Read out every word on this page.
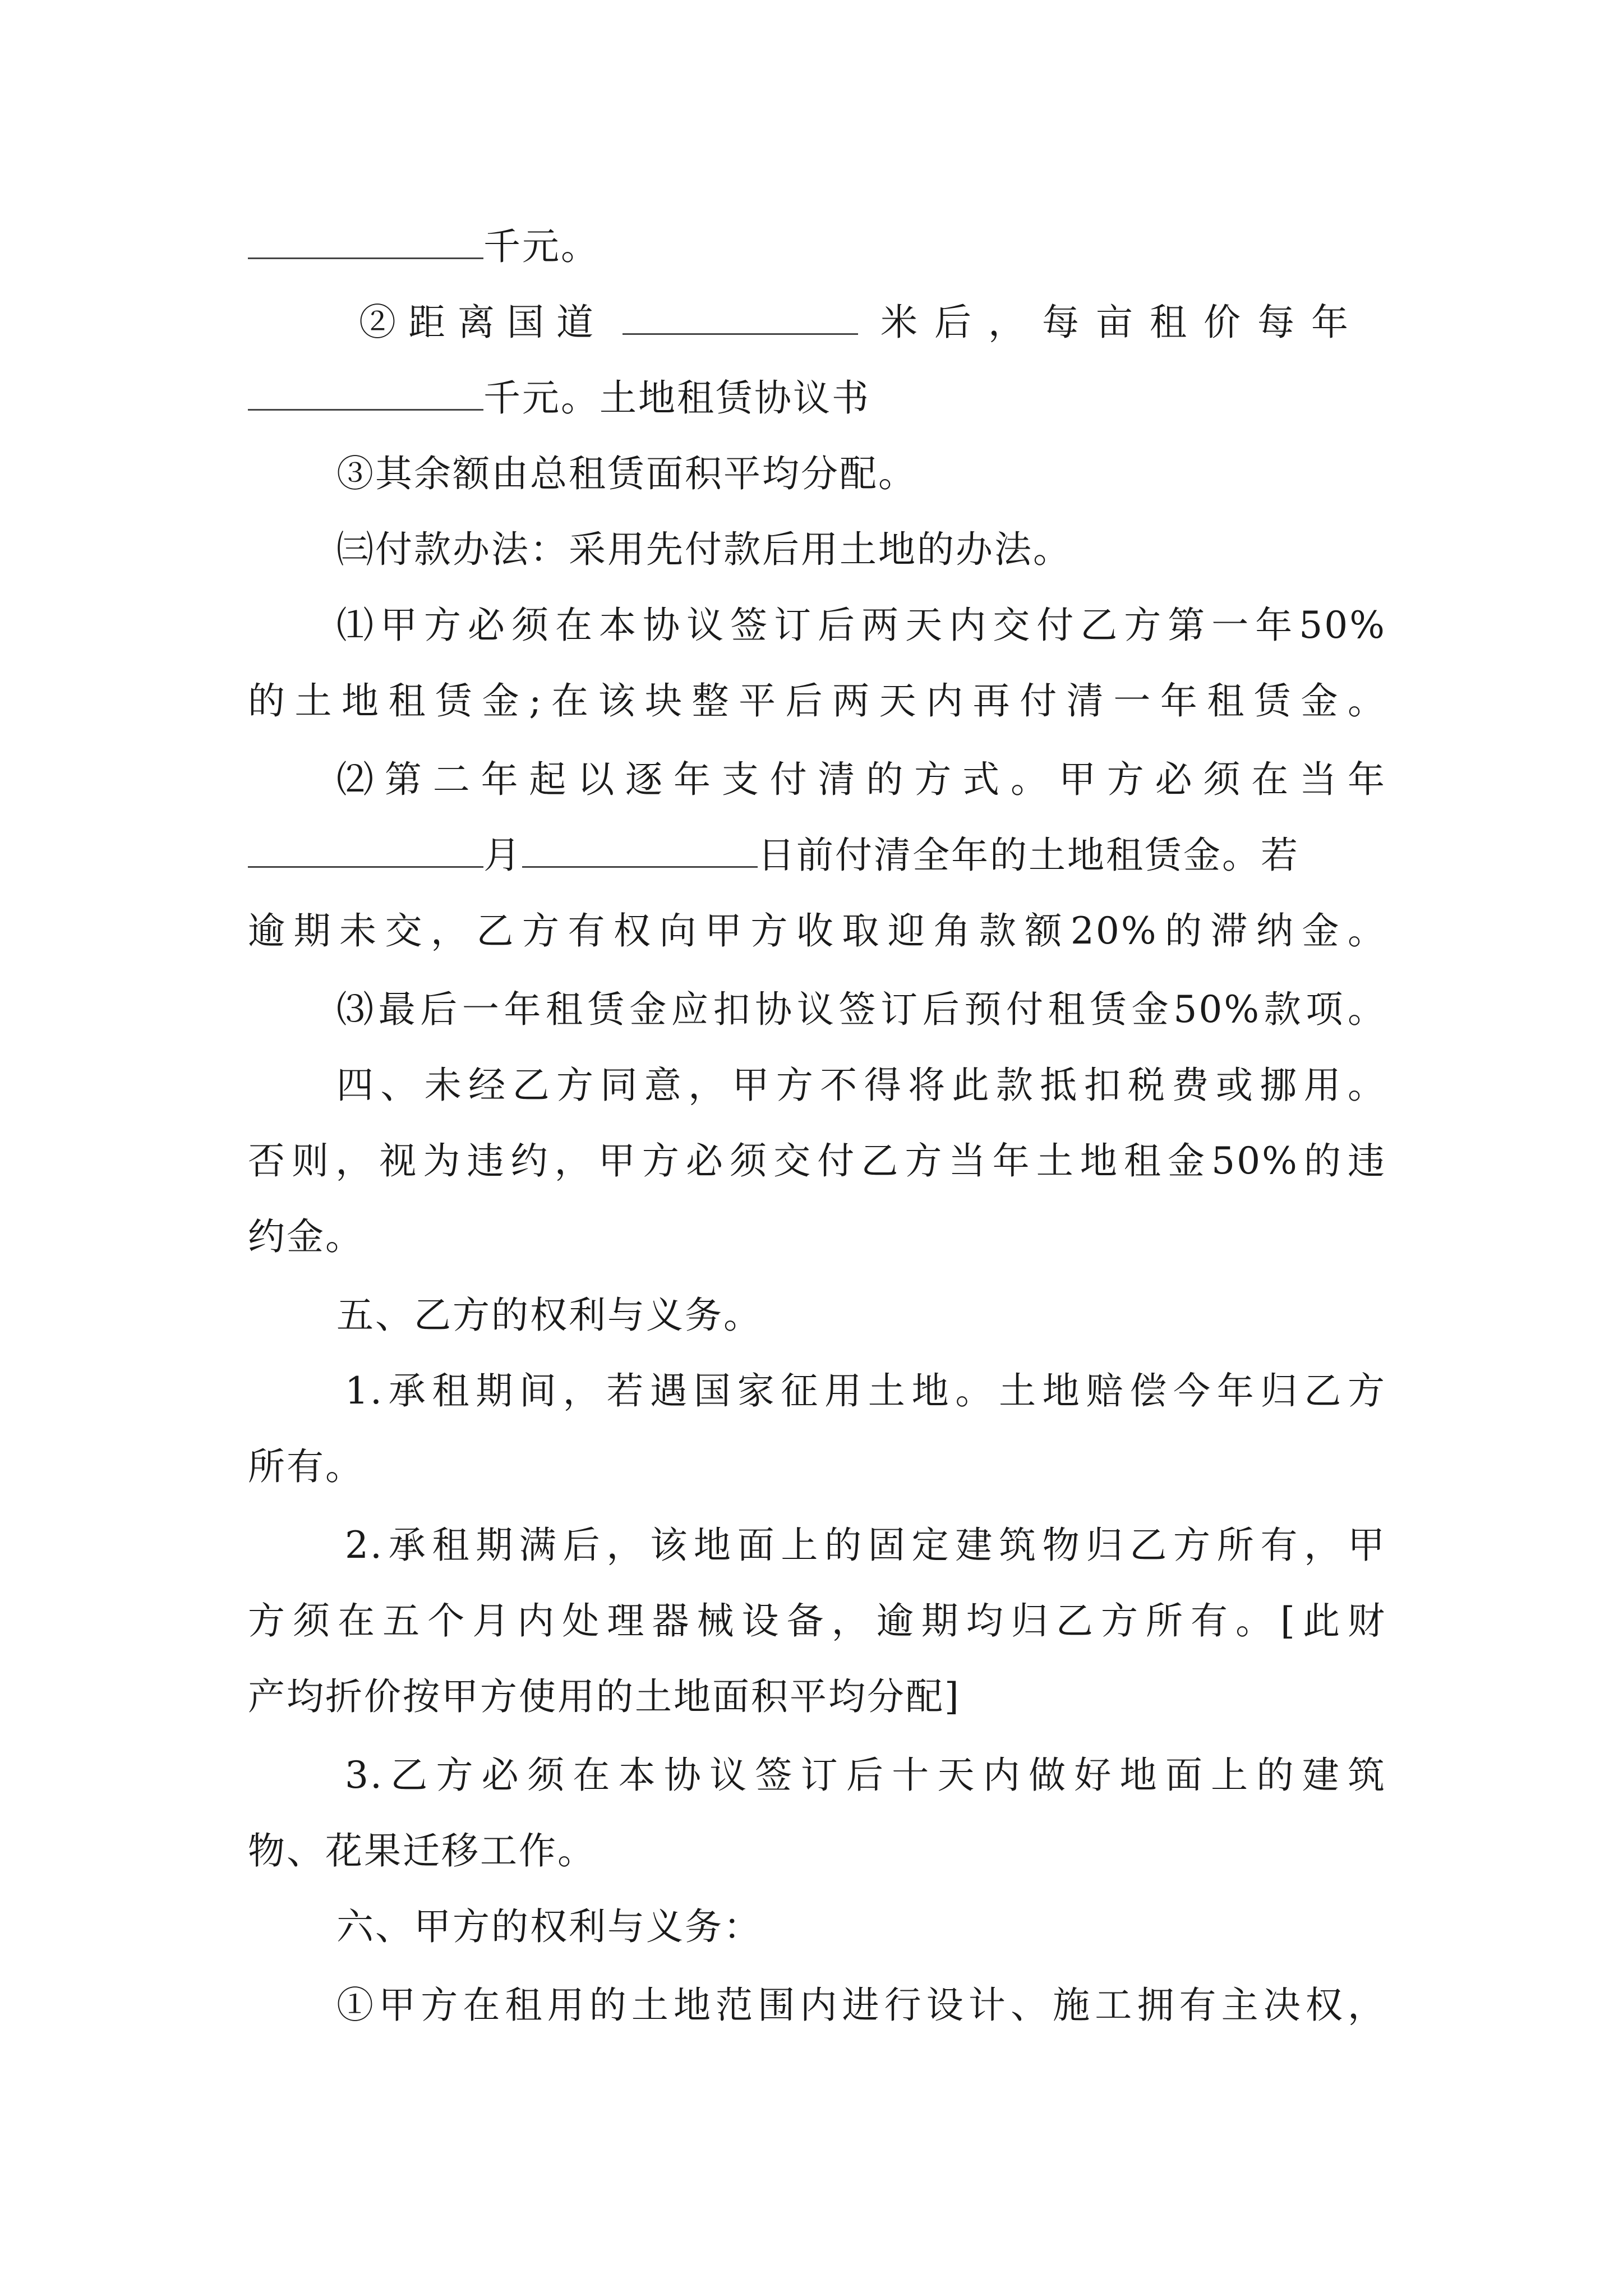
千元。
②距离国道	米后，每亩租价每年
千元。土地租赁协议书
③其余额由总租赁面积平均分配。
㈢付款办法：采用先付款后用土地的办法。
⑴甲方必须在本协议签订后两天内交付乙方第一年50%
的土地租赁金;在该块整平后两天内再付清一年租赁金。
⑵第二年起以逐年支付清的方式。甲方必须在当年
月	日前付清全年的土地租赁金。若
逾期未交，乙方有权向甲方收取迎角款额20%的滞纳金。
⑶最后一年租赁金应扣协议签订后预付租赁金50%款项。
四、未经乙方同意，甲方不得将此款抵扣税费或挪用。
否则，视为违约，甲方必须交付乙方当年土地租金50%的违
约金。
五、乙方的权利与义务。
1.承租期间，若遇国家征用土地。土地赔偿今年归乙方
所有。
2.承租期满后，该地面上的固定建筑物归乙方所有，甲
方须在五个月内处理器械设备，逾期均归乙方所有。[此财
产均折价按甲方使用的土地面积平均分配]
3.乙方必须在本协议签订后十天内做好地面上的建筑
物、花果迁移工作。
六、甲方的权利与义务：
①甲方在租用的土地范围内进行设计、施工拥有主决权，
